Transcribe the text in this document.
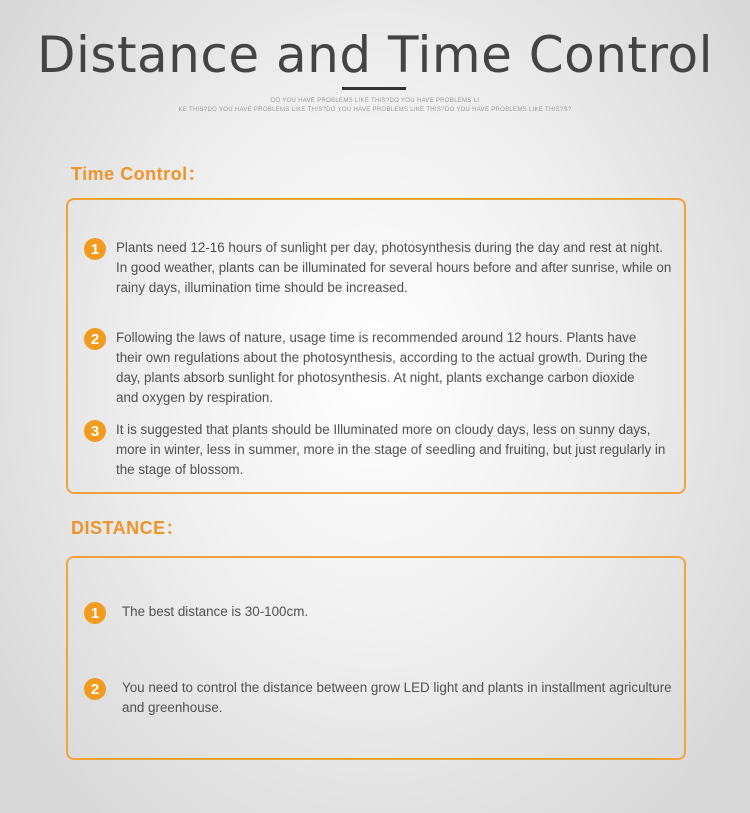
Distance and Time Control
DO YOU HAVE PROBLEMS LIKE THIS?DO YOU HAVE PROBLEMS LI
KE THIS?DO YOU HAVE PROBLEMS LIKE THIS?DO YOU HAVE PROBLEMS LIKE THIS?DO YOU HAVE PROBLEMS LIKE THIS?S?
Time Control：
1	Plants need 12-16 hours of sunlight per day, photosynthesis during the day and rest at night. In good weather, plants can be illuminated for several hours before and after sunrise, while on rainy days, illumination time should be increased.
2	Following the laws of nature, usage time is recommended around 12 hours. Plants have their own regulations about the photosynthesis, according to the actual growth. During the day, plants absorb sunlight for photosynthesis. At night, plants exchange carbon dioxide and oxygen by respiration.
3	It is suggested that plants should be Illuminated more on cloudy days, less on sunny days, more in winter, less in summer, more in the stage of seedling and fruiting, but just regularly in the stage of blossom.
DISTANCE：
1	The best distance is 30-100cm.
2	You need to control the distance between grow LED light and plants in installment agriculture and greenhouse.
